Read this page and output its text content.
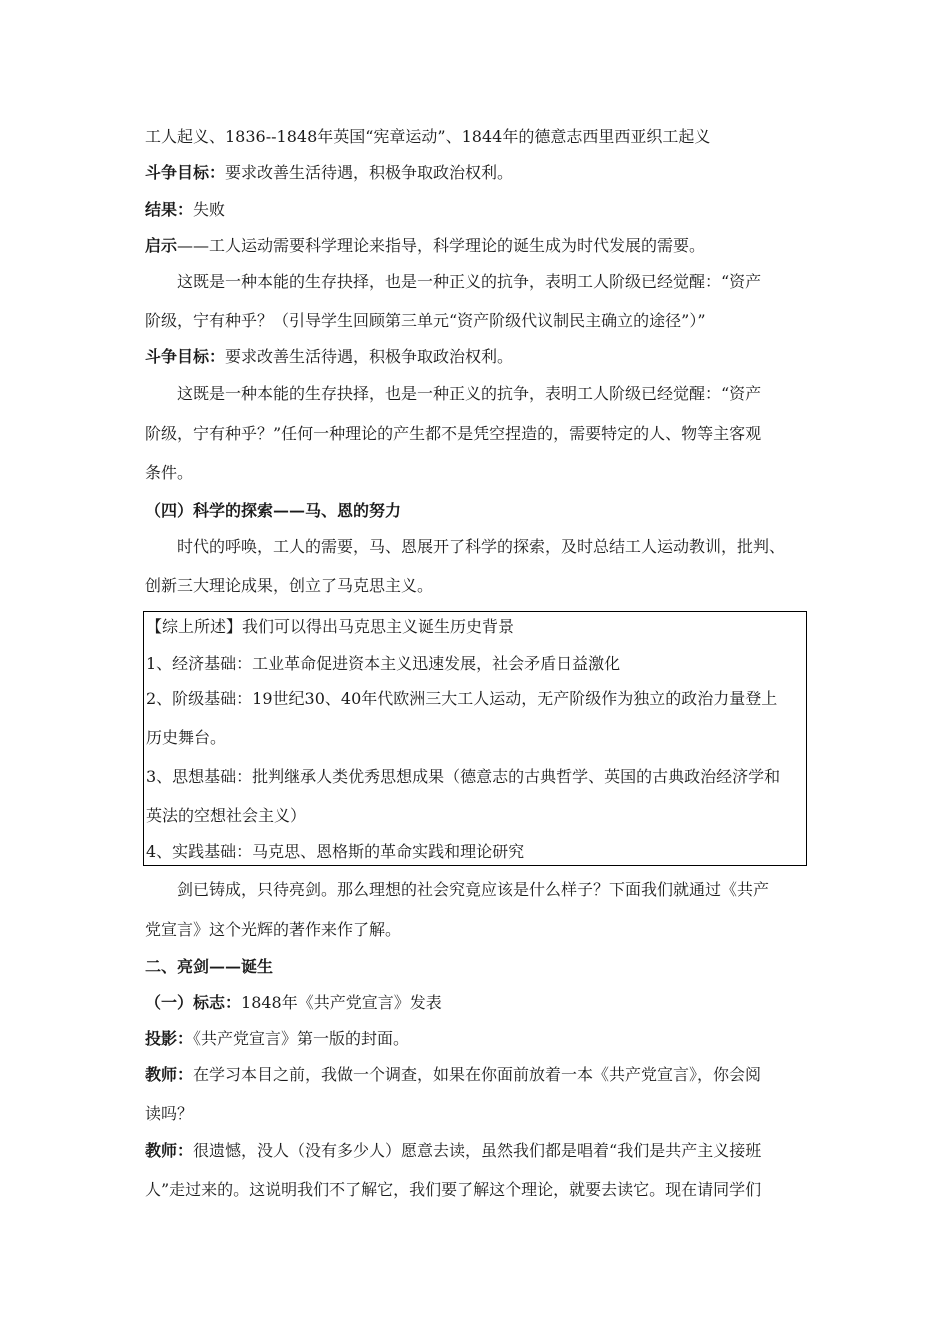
工人起义、1836--1848年英国“宪章运动”、1844年的德意志西里西亚织工起义
斗争目标：要求改善生活待遇，积极争取政治权利。
结果：失败
启示——工人运动需要科学理论来指导，科学理论的诞生成为时代发展的需要。
这既是一种本能的生存抉择，也是一种正义的抗争，表明工人阶级已经觉醒：“资产
阶级，宁有种乎？（引导学生回顾第三单元“资产阶级代议制民主确立的途径”）”
斗争目标：要求改善生活待遇，积极争取政治权利。
这既是一种本能的生存抉择，也是一种正义的抗争，表明工人阶级已经觉醒：“资产
阶级，宁有种乎？”任何一种理论的产生都不是凭空捏造的，需要特定的人、物等主客观
条件。
（四）科学的探索——马、恩的努力
时代的呼唤，工人的需要，马、恩展开了科学的探索，及时总结工人运动教训，批判、
创新三大理论成果，创立了马克思主义。
【综上所述】我们可以得出马克思主义诞生历史背景
1、经济基础：工业革命促进资本主义迅速发展，社会矛盾日益激化
2、阶级基础：19世纪30、40年代欧洲三大工人运动，无产阶级作为独立的政治力量登上
历史舞台。
3、思想基础：批判继承人类优秀思想成果（德意志的古典哲学、英国的古典政治经济学和
英法的空想社会主义）
4、实践基础：马克思、恩格斯的革命实践和理论研究
剑已铸成，只待亮剑。那么理想的社会究竟应该是什么样子？下面我们就通过《共产
党宣言》这个光辉的著作来作了解。
二、亮剑——诞生
（一）标志：1848年《共产党宣言》发表
投影：《共产党宣言》第一版的封面。
教师：在学习本目之前，我做一个调查，如果在你面前放着一本《共产党宣言》，你会阅
读吗？
教师：很遗憾，没人（没有多少人）愿意去读，虽然我们都是唱着“我们是共产主义接班
人”走过来的。这说明我们不了解它，我们要了解这个理论，就要去读它。现在请同学们
